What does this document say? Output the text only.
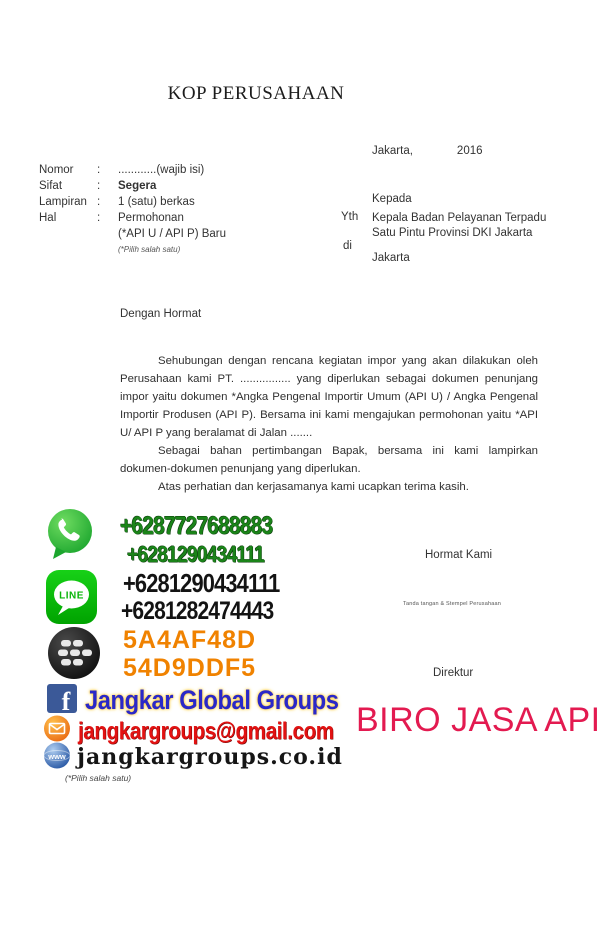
KOP PERUSAHAAN
Jakarta,	2016
Nomor	:	............(wajib isi)
Sifat	:	Segera
Lampiran :	1 (satu) berkas
Hal	:	Permohonan
(*API U / API P) Baru
(*Pilih salah satu)
Kepada
Yth Kepala Badan Pelayanan Terpadu
Satu Pintu Provinsi DKI Jakarta
di
Jakarta
Dengan Hormat

Sehubungan dengan rencana kegiatan impor yang akan dilakukan oleh Perusahaan kami PT. ................ yang diperlukan sebagai dokumen penunjang impor yaitu dokumen *Angka Pengenal Importir Umum (API U) / Angka Pengenal Importir Produsen (API P). Bersama ini kami mengajukan permohonan yaitu *API U/ API P yang beralamat di Jalan .......

Sebagai bahan pertimbangan Bapak, bersama ini kami lampirkan dokumen-dokumen penunjang yang diperlukan.

Atas perhatian dan kerjasamanya kami ucapkan terima kasih.

LINE
f
www
+6287727688883
+6281290434111
+6281290434111
+6281282474443
5A4AF48D
54D9DDF5
Jangkar Global Groups
jangkargroups@gmail.com
jangkargroups.co.id
Hormat Kami
Tanda tangan & Stempel Perusahaan
Direktur
BIRO JASA API
(*Pilih salah satu)
